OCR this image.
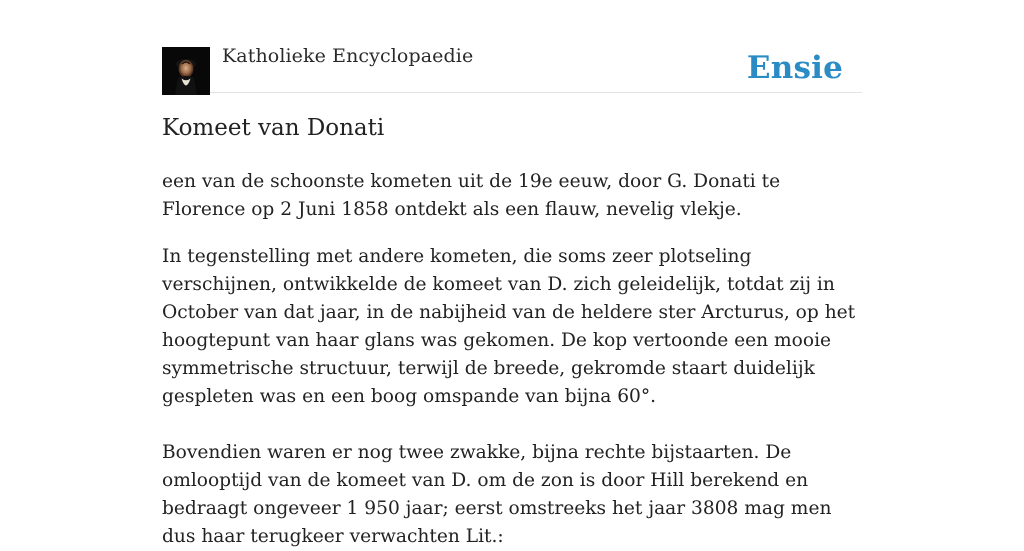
Katholieke Encyclopaedie	Ensie
Komeet van Donati

een van de schoonste kometen uit de 19e eeuw, door G. Donati te Florence op 2 Juni 1858 ontdekt als een flauw, nevelig vlekje.

In tegenstelling met andere kometen, die soms zeer plotseling verschijnen, ontwikkelde de komeet van D. zich geleidelijk, totdat zij in October van dat jaar, in de nabijheid van de heldere ster Arcturus, op het hoogtepunt van haar glans was gekomen. De kop vertoonde een mooie symmetrische structuur, terwijl de breede, gekromde staart duidelijk gespleten was en een boog omspande van bijna 60°.

Bovendien waren er nog twee zwakke, bijna rechte bijstaarten. De omlooptijd van de komeet van D. om de zon is door Hill berekend en bedraagt ongeveer 1 950 jaar; eerst omstreeks het jaar 3808 mag men dus haar terugkeer verwachten Lit.:
